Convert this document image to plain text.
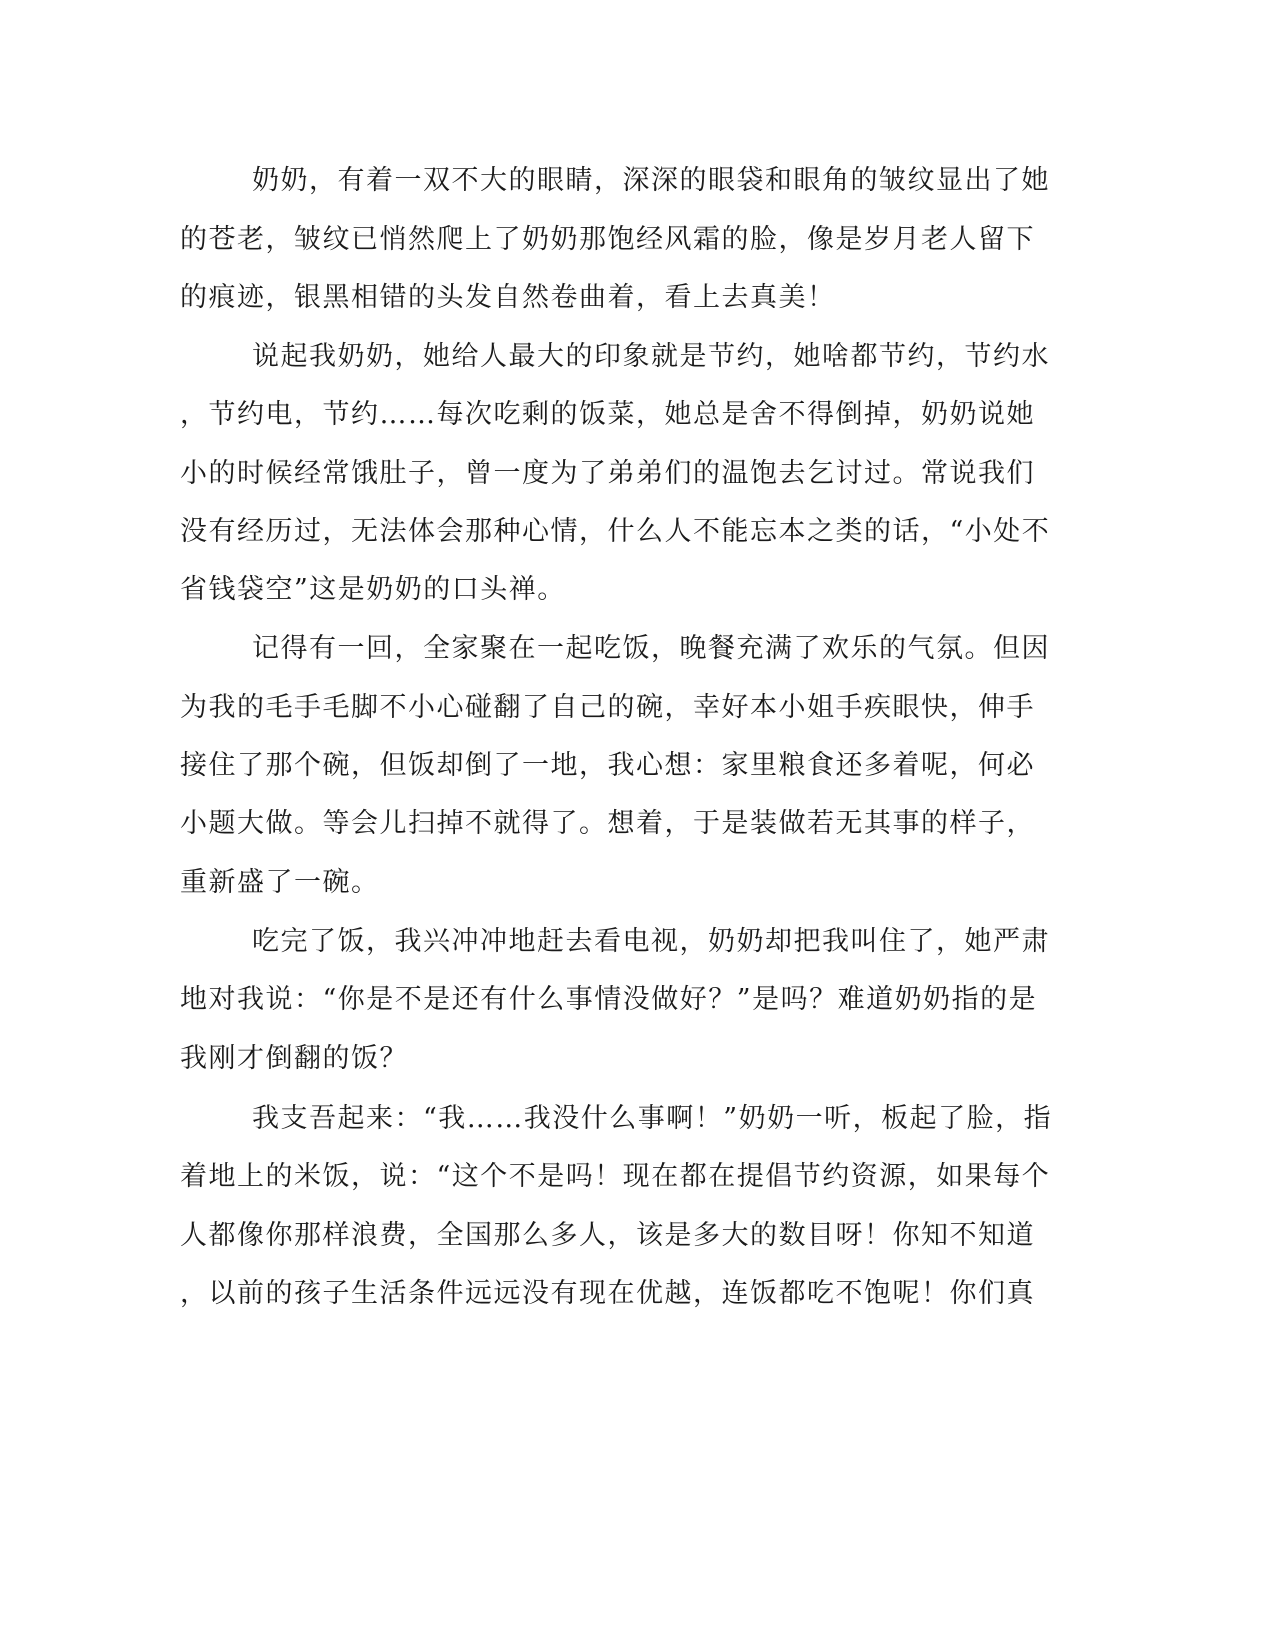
奶奶，有着一双不大的眼睛，深深的眼袋和眼角的皱纹显出了她
的苍老，皱纹已悄然爬上了奶奶那饱经风霜的脸，像是岁月老人留下
的痕迹，银黑相错的头发自然卷曲着，看上去真美！
说起我奶奶，她给人最大的印象就是节约，她啥都节约，节约水
，节约电，节约……每次吃剩的饭菜，她总是舍不得倒掉，奶奶说她
小的时候经常饿肚子，曾一度为了弟弟们的温饱去乞讨过。常说我们
没有经历过，无法体会那种心情，什么人不能忘本之类的话，“小处不
省钱袋空”这是奶奶的口头禅。
记得有一回，全家聚在一起吃饭，晚餐充满了欢乐的气氛。但因
为我的毛手毛脚不小心碰翻了自己的碗，幸好本小姐手疾眼快，伸手
接住了那个碗，但饭却倒了一地，我心想：家里粮食还多着呢，何必
小题大做。等会儿扫掉不就得了。想着，于是装做若无其事的样子，
重新盛了一碗。
吃完了饭，我兴冲冲地赶去看电视，奶奶却把我叫住了，她严肃
地对我说：“你是不是还有什么事情没做好？”是吗？难道奶奶指的是
我刚才倒翻的饭？
我支吾起来：“我……我没什么事啊！”奶奶一听，板起了脸，指
着地上的米饭，说：“这个不是吗！现在都在提倡节约资源，如果每个
人都像你那样浪费，全国那么多人，该是多大的数目呀！你知不知道
，以前的孩子生活条件远远没有现在优越，连饭都吃不饱呢！你们真
